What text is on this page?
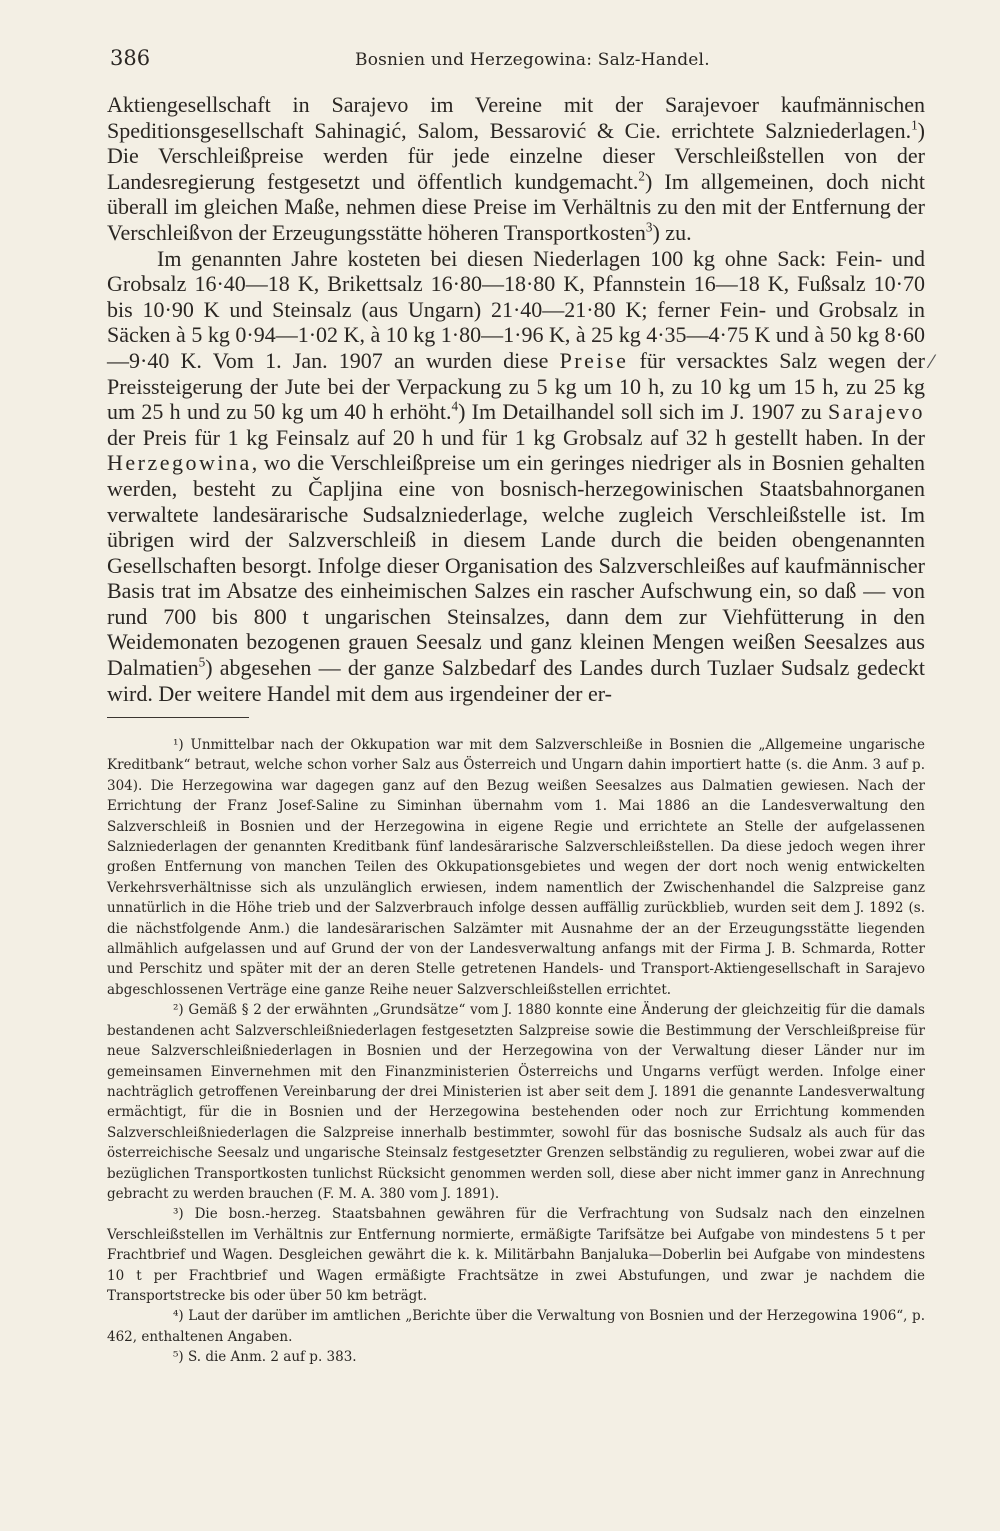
386	Bosnien und Herzegowina: Salz-Handel.

Aktiengesellschaft in Sarajevo im Vereine mit der Sarajevoer kaufmännischen Speditionsgesellschaft Sahinagić, Salom, Bessarović & Cie. errichtete Salzniederlagen.$^1$) Die Verschleißpreise werden für jede einzelne dieser Verschleißstellen von der Landesregierung festgesetzt und öffentlich kundgemacht.$^2$) Im allgemeinen, doch nicht überall im gleichen Maße, nehmen diese Preise im Verhältnis zu den mit der Entfernung der Verschleißvon der Erzeugungsstätte höheren Transportkosten$^3$) zu.

Im genannten Jahre kosteten bei diesen Niederlagen 100 kg ohne Sack: Fein- und Grobsalz 16·40—18 K, Brikettsalz 16·80—18·80 K, Pfannstein 16—18 K, Fußsalz 10·70 bis 10·90 K und Steinsalz (aus Ungarn) 21·40—21·80 K; ferner Fein- und Grobsalz in Säcken à 5 kg 0·94—1·02 K, à 10 kg 1·80—1·96 K, à 25 kg 4·35—4·75 K und à 50 kg 8·60—9·40 K. Vom 1. Jan. 1907 an wurden diese Preise für versacktes Salz wegen der Preissteigerung der Jute bei der Verpackung zu 5 kg um 10 h, zu 10 kg um 15 h, zu 25 kg um 25 h und zu 50 kg um 40 h erhöht.$^4$) Im Detailhandel soll sich im J. 1907 zu Sarajevo der Preis für 1 kg Feinsalz auf 20 h und für 1 kg Grobsalz auf 32 h gestellt haben. In der Herzegowina, wo die Verschleißpreise um ein geringes niedriger als in Bosnien gehalten werden, besteht zu Čapljina eine von bosnisch-herzegowinischen Staatsbahnorganen verwaltete landesärarische Sudsalzniederlage, welche zugleich Verschleißstelle ist. Im übrigen wird der Salzverschleiß in diesem Lande durch die beiden obengenannten Gesellschaften besorgt. Infolge dieser Organisation des Salzverschleißes auf kaufmännischer Basis trat im Absatze des einheimischen Salzes ein rascher Aufschwung ein, so daß — von rund 700 bis 800 t ungarischen Steinsalzes, dann dem zur Viehfütterung in den Weidemonaten bezogenen grauen Seesalz und ganz kleinen Mengen weißen Seesalzes aus Dalmatien$^5$) abgesehen — der ganze Salzbedarf des Landes durch Tuzlaer Sudsalz gedeckt wird. Der weitere Handel mit dem aus irgendeiner der er-

⁄

¹) Unmittelbar nach der Okkupation war mit dem Salzverschleiße in Bosnien die „Allgemeine ungarische Kreditbank“ betraut, welche schon vorher Salz aus Österreich und Ungarn dahin importiert hatte (s. die Anm. 3 auf p. 304). Die Herzegowina war dagegen ganz auf den Bezug weißen Seesalzes aus Dalmatien gewiesen. Nach der Errichtung der Franz Josef-Saline zu Siminhan übernahm vom 1. Mai 1886 an die Landesverwaltung den Salzverschleiß in Bosnien und der Herzegowina in eigene Regie und errichtete an Stelle der aufgelassenen Salzniederlagen der genannten Kreditbank fünf landesärarische Salzverschleißstellen. Da diese jedoch wegen ihrer großen Entfernung von manchen Teilen des Okkupationsgebietes und wegen der dort noch wenig entwickelten Verkehrsverhältnisse sich als unzulänglich erwiesen, indem namentlich der Zwischenhandel die Salzpreise ganz unnatürlich in die Höhe trieb und der Salzverbrauch infolge dessen auffällig zurückblieb, wurden seit dem J. 1892 (s. die nächstfolgende Anm.) die landesärarischen Salzämter mit Ausnahme der an der Erzeugungsstätte liegenden allmählich aufgelassen und auf Grund der von der Landesverwaltung anfangs mit der Firma J. B. Schmarda, Rotter und Perschitz und später mit der an deren Stelle getretenen Handels- und Transport-Aktiengesellschaft in Sarajevo abgeschlossenen Verträge eine ganze Reihe neuer Salzverschleißstellen errichtet.

²) Gemäß § 2 der erwähnten „Grundsätze“ vom J. 1880 konnte eine Änderung der gleichzeitig für die damals bestandenen acht Salzverschleißniederlagen festgesetzten Salzpreise sowie die Bestimmung der Verschleißpreise für neue Salzverschleißniederlagen in Bosnien und der Herzegowina von der Verwaltung dieser Länder nur im gemeinsamen Einvernehmen mit den Finanzministerien Österreichs und Ungarns verfügt werden. Infolge einer nachträglich getroffenen Vereinbarung der drei Ministerien ist aber seit dem J. 1891 die genannte Landesverwaltung ermächtigt, für die in Bosnien und der Herzegowina bestehenden oder noch zur Errichtung kommenden Salzverschleißniederlagen die Salzpreise innerhalb bestimmter, sowohl für das bosnische Sudsalz als auch für das österreichische Seesalz und ungarische Steinsalz festgesetzter Grenzen selbständig zu regulieren, wobei zwar auf die bezüglichen Transportkosten tunlichst Rücksicht genommen werden soll, diese aber nicht immer ganz in Anrechnung gebracht zu werden brauchen (F. M. A. 380 vom J. 1891).

³) Die bosn.-herzeg. Staatsbahnen gewähren für die Verfrachtung von Sudsalz nach den einzelnen Verschleißstellen im Verhältnis zur Entfernung normierte, ermäßigte Tarifsätze bei Aufgabe von mindestens 5 t per Frachtbrief und Wagen. Desgleichen gewährt die k. k. Militärbahn Banjaluka—Doberlin bei Aufgabe von mindestens 10 t per Frachtbrief und Wagen ermäßigte Frachtsätze in zwei Abstufungen, und zwar je nachdem die Transportstrecke bis oder über 50 km beträgt.

⁴) Laut der darüber im amtlichen „Berichte über die Verwaltung von Bosnien und der Herzegowina 1906“, p. 462, enthaltenen Angaben.

⁵) S. die Anm. 2 auf p. 383.
